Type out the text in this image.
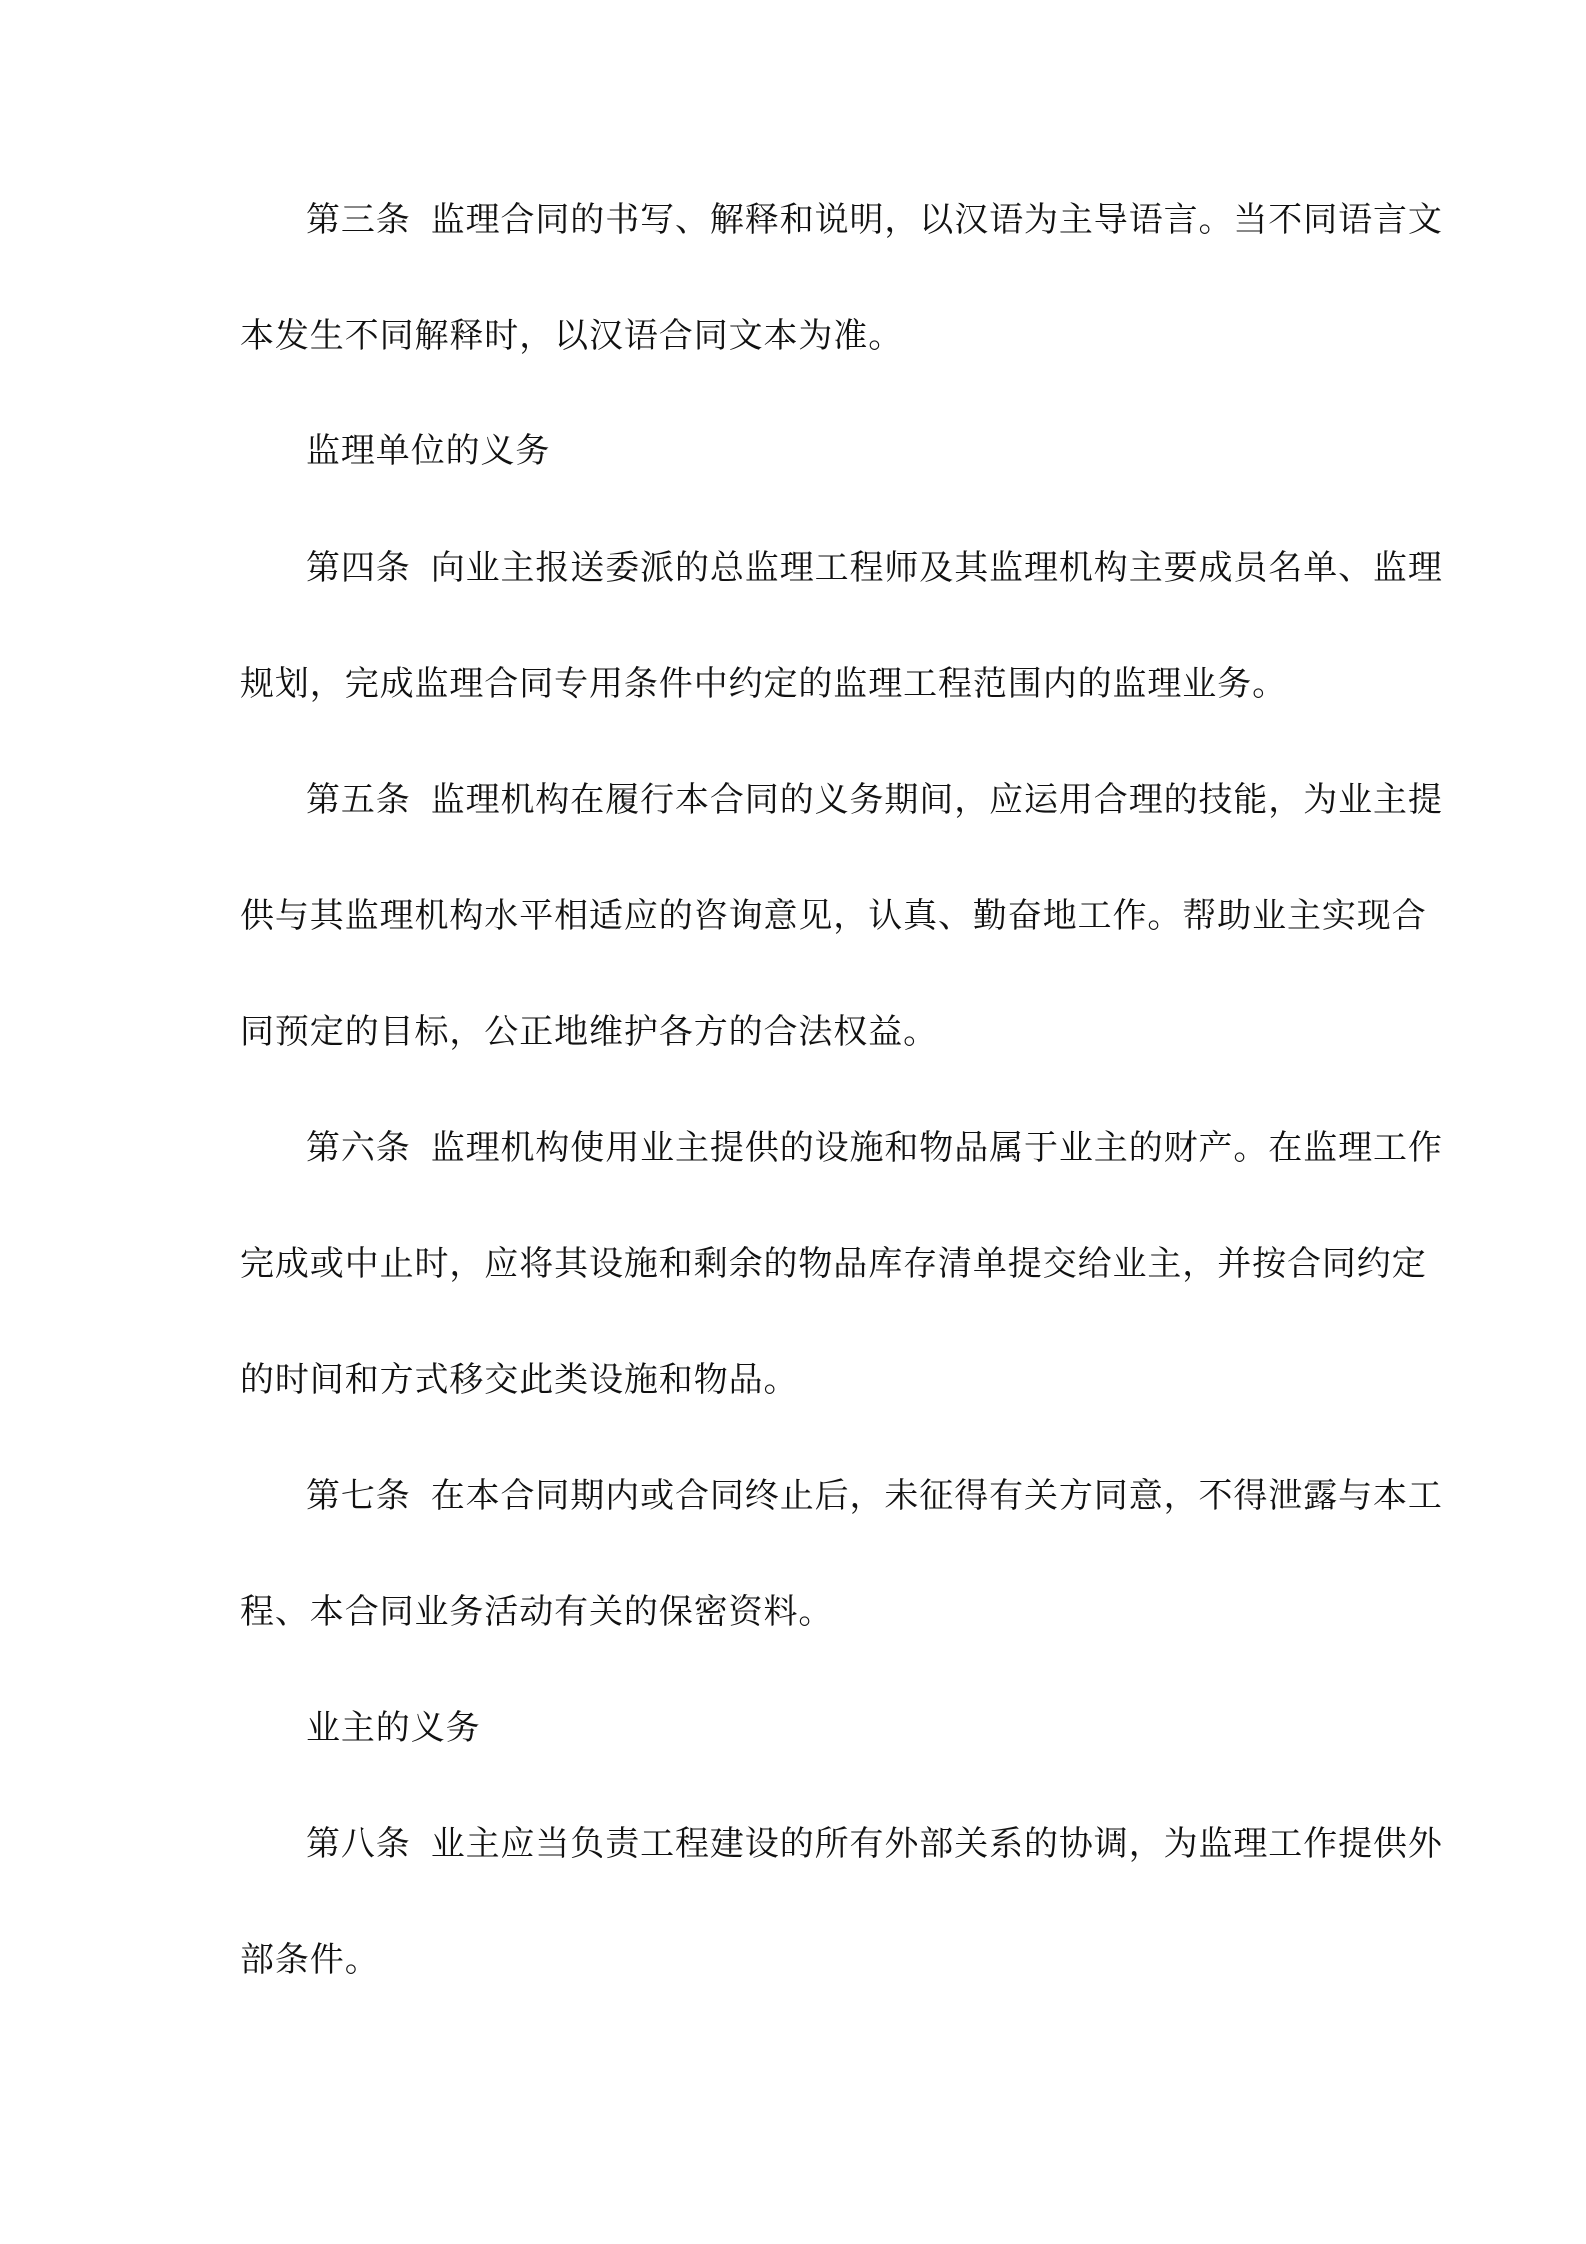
第三条 监理合同的书写、解释和说明，以汉语为主导语言。当不同语言文

本发生不同解释时，以汉语合同文本为准。

监理单位的义务

第四条 向业主报送委派的总监理工程师及其监理机构主要成员名单、监理

规划，完成监理合同专用条件中约定的监理工程范围内的监理业务。

第五条 监理机构在履行本合同的义务期间，应运用合理的技能，为业主提

供与其监理机构水平相适应的咨询意见，认真、勤奋地工作。帮助业主实现合

同预定的目标，公正地维护各方的合法权益。

第六条 监理机构使用业主提供的设施和物品属于业主的财产。在监理工作

完成或中止时，应将其设施和剩余的物品库存清单提交给业主，并按合同约定

的时间和方式移交此类设施和物品。

第七条 在本合同期内或合同终止后，未征得有关方同意，不得泄露与本工

程、本合同业务活动有关的保密资料。

业主的义务

第八条 业主应当负责工程建设的所有外部关系的协调，为监理工作提供外

部条件。
